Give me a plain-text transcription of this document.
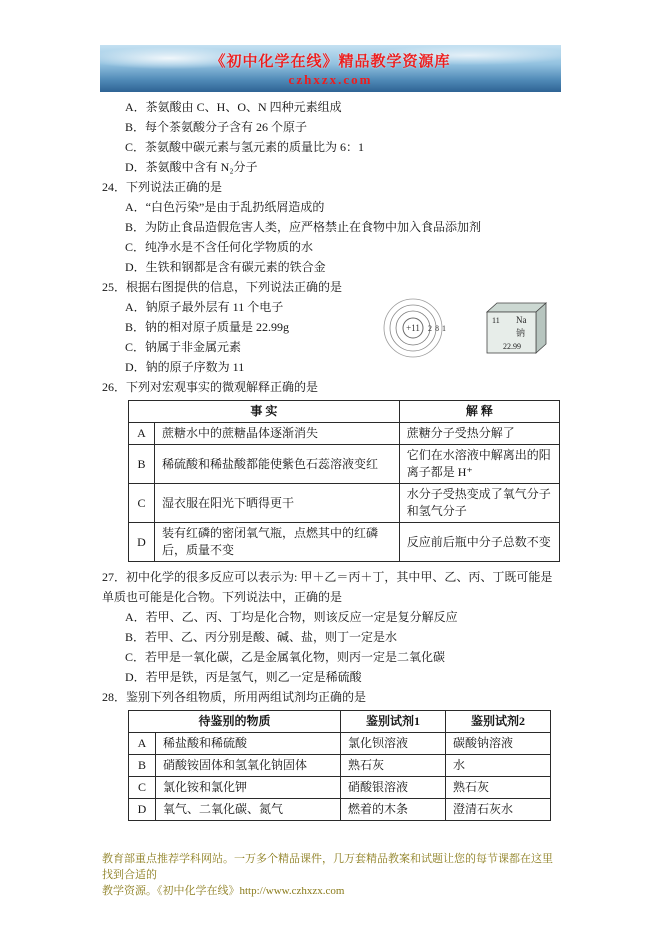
《初中化学在线》精品教学资源库
czhxzx.com
A．茶氨酸由 C、H、O、N 四种元素组成
B．每个茶氨酸分子含有 26 个原子
C．茶氨酸中碳元素与氢元素的质量比为 6：1
D．茶氨酸中含有 N₂分子
24．下列说法正确的是
A．“白色污染”是由于乱扔纸屑造成的
B．为防止食品造假危害人类，应严格禁止在食物中加入食品添加剂
C．纯净水是不含任何化学物质的水
D．生铁和钢都是含有碳元素的铁合金
25．根据右图提供的信息，下列说法正确的是
A．钠原子最外层有 11 个电子
B．钠的相对原子质量是 22.99g
C．钠属于非金属元素
D．钠的原子序数为 11
+11 2 8 1
11 Na
钠
22.99
26．下列对宏观事实的微观解释正确的是
事 实		解 释
A	蔗糖水中的蔗糖晶体逐渐消失	蔗糖分子受热分解了
B	稀硫酸和稀盐酸都能使紫色石蕊溶液变红	它们在水溶液中解离出的阳离子都是 H⁺
C	湿衣服在阳光下晒得更干	水分子受热变成了氧气分子和氢气分子
D	装有红磷的密闭氧气瓶，点燃其中的红磷后，质量不变	反应前后瓶中分子总数不变
27．初中化学的很多反应可以表示为: 甲＋乙＝丙＋丁，其中甲、乙、丙、丁既可能是单质也可能是化合物。下列说法中，正确的是
A．若甲、乙、丙、丁均是化合物，则该反应一定是复分解反应
B．若甲、乙、丙分别是酸、碱、盐，则丁一定是水
C．若甲是一氧化碳，乙是金属氧化物，则丙一定是二氧化碳
D．若甲是铁，丙是氢气，则乙一定是稀硫酸
28．鉴别下列各组物质，所用两组试剂均正确的是
待鉴别的物质		鉴别试剂1	鉴别试剂2
A	稀盐酸和稀硫酸	氯化钡溶液	碳酸钠溶液
B	硝酸铵固体和氢氧化钠固体	熟石灰	水
C	氯化铵和氯化钾	硝酸银溶液	熟石灰
D	氧气、二氧化碳、氮气	燃着的木条	澄清石灰水
教育部重点推荐学科网站。一万多个精品课件，几万套精品教案和试题让您的每节课都在这里找到合适的
教学资源。《初中化学在线》http://www.czhxzx.com
